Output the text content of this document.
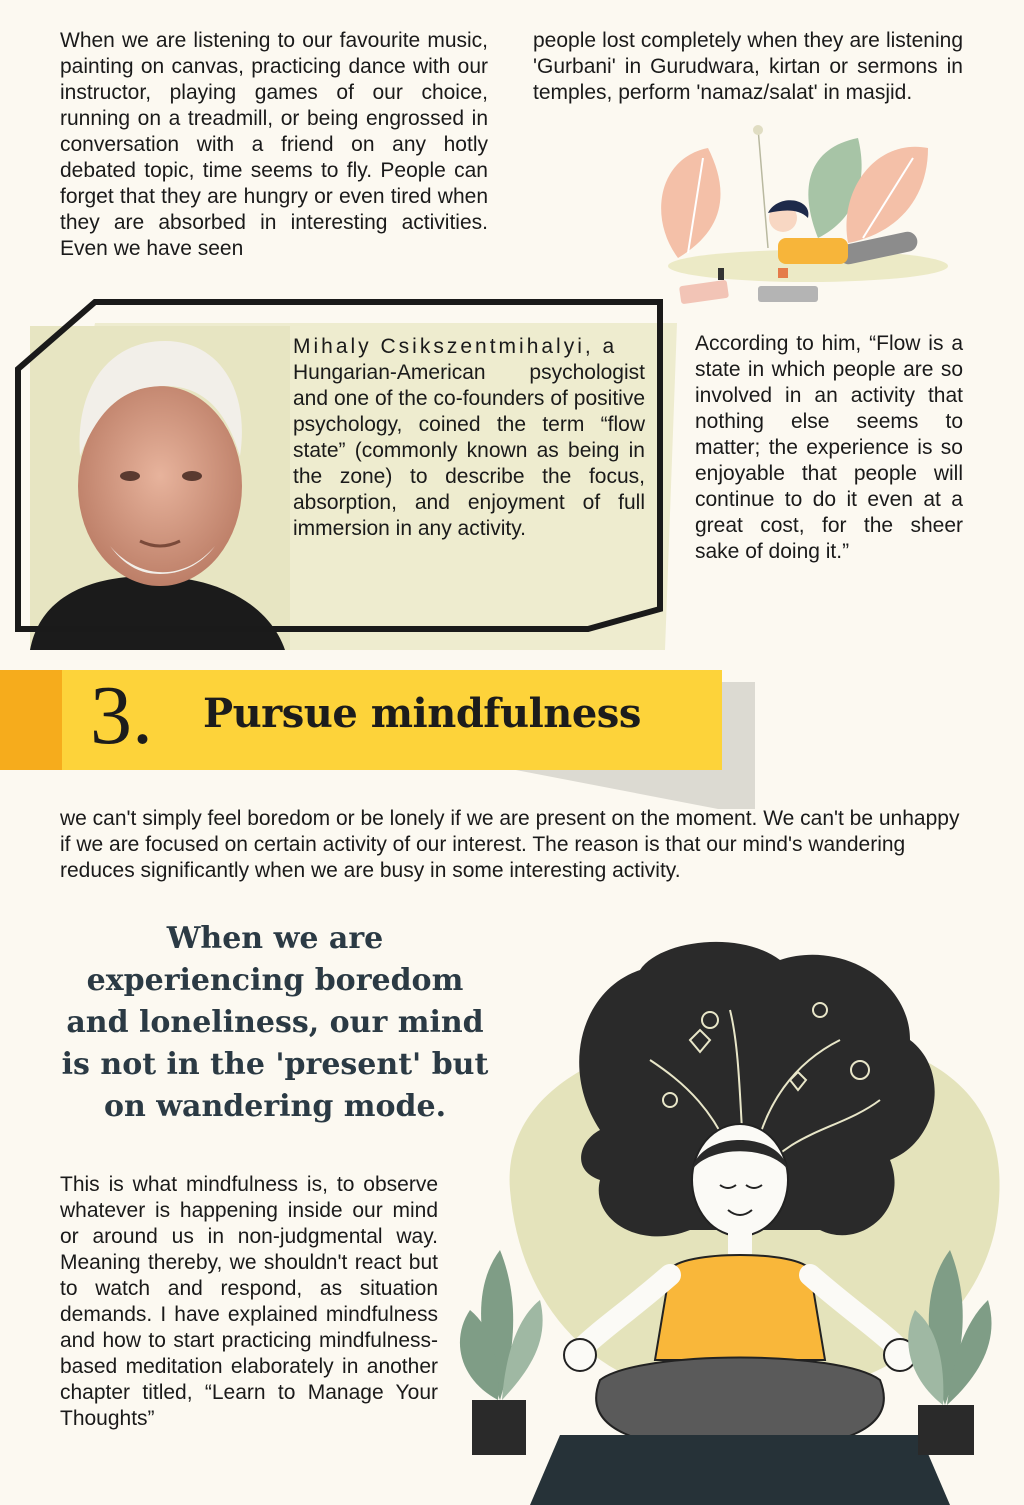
When we are listening to our favourite music, painting on canvas, practicing dance with our instructor, playing games of our choice, running on a treadmill, or being engrossed in conversation with a friend on any hotly debated topic, time seems to fly. People can forget that they are hungry or even tired when they are absorbed in interesting activities. Even we have seen

people lost completely when they are listening 'Gurbani' in Gurudwara, kirtan or sermons in temples, perform 'namaz/salat' in masjid.

Mihaly Csikszentmihalyi, a

Hungarian-American psychologist and one of the co-founders of positive psychology, coined the term “flow state” (commonly known as being in the zone) to describe the focus, absorption, and enjoyment of full immersion in any activity.

According to him, “Flow is a state in which people are so involved in an activity that nothing else seems to matter; the experience is so enjoyable that people will continue to do it even at a great cost, for the sheer sake of doing it.”

3. Pursue mindfulness

we can't simply feel boredom or be lonely if we are present on the moment. We can't be unhappy if we are focused on certain activity of our interest. The reason is that our mind's wandering reduces significantly when we are busy in some interesting activity.

When we are experiencing boredom and loneliness, our mind is not in the 'present' but on wandering mode.

This is what mindfulness is, to observe whatever is happening inside our mind or around us in non-judgmental way. Meaning thereby, we shouldn't react but to watch and respond, as situation demands. I have explained mindfulness and how to start practicing mindfulness-based meditation elaborately in another chapter titled, “Learn to Manage Your Thoughts”
